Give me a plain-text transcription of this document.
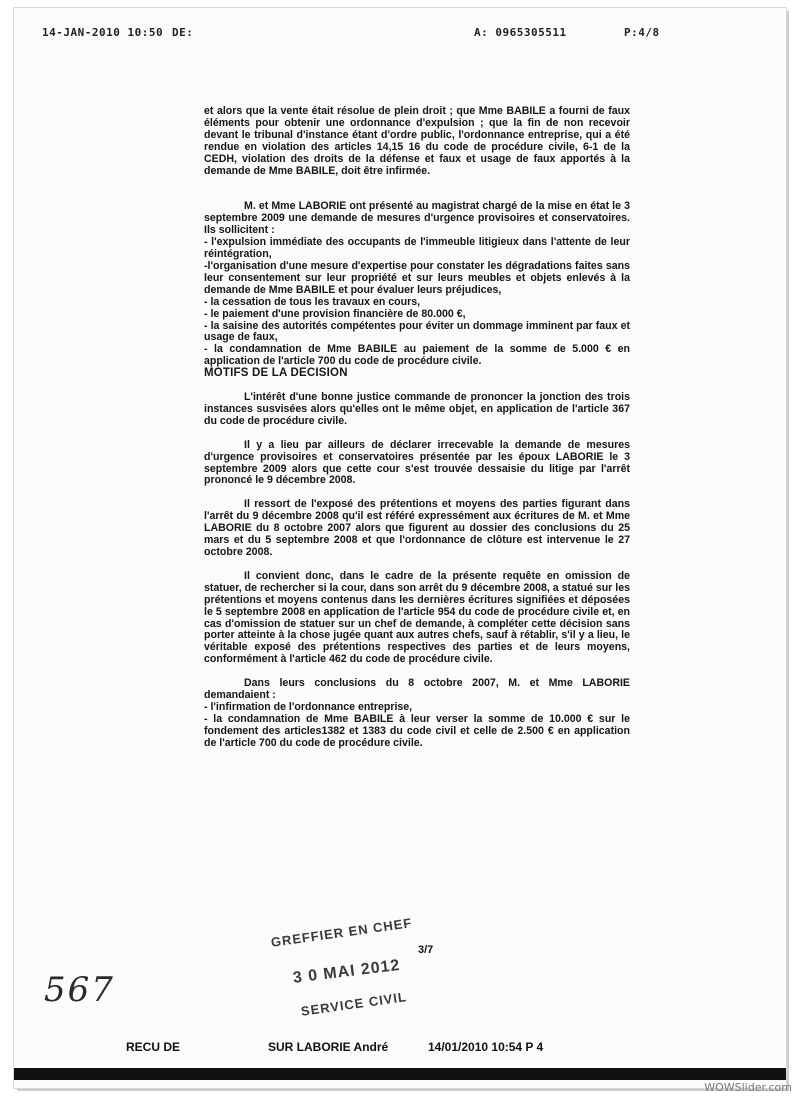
14-JAN-2010 10:50 DE:	A: 0965305511	P:4/8

et alors que la vente était résolue de plein droit ; que Mme BABILE a fourni de faux éléments pour obtenir une ordonnance d'expulsion ; que la fin de non recevoir devant le tribunal d'instance étant d'ordre public, l'ordonnance entreprise, qui a été rendue en violation des articles 14,15 16 du code de procédure civile, 6-1 de la CEDH, violation des droits de la défense et faux et usage de faux apportés à la demande de Mme BABILE, doit être infirmée.

M. et Mme LABORIE ont présenté au magistrat chargé de la mise en état le 3 septembre 2009 une demande de mesures d'urgence provisoires et conservatoires. Ils sollicitent :

- l'expulsion immédiate des occupants de l'immeuble litigieux dans l'attente de leur réintégration,

-l'organisation d'une mesure d'expertise pour constater les dégradations faites sans leur consentement sur leur propriété et sur leurs meubles et objets enlevés à la demande de Mme BABILE et pour évaluer leurs préjudices,

- la cessation de tous les travaux en cours,

- le paiement d'une provision financière de 80.000 €,

- la saisine des autorités compétentes pour éviter un dommage imminent par faux et usage de faux,

- la condamnation de Mme BABILE au paiement de la somme de 5.000 € en application de l'article 700 du code de procédure civile.

MOTIFS DE LA DECISION

L'intérêt d'une bonne justice commande de prononcer la jonction des trois instances susvisées alors qu'elles ont le même objet, en application de l'article 367 du code de procédure civile.

Il y a lieu par ailleurs de déclarer irrecevable la demande de mesures d'urgence provisoires et conservatoires présentée par les époux LABORIE le 3 septembre 2009 alors que cette cour s'est trouvée dessaisie du litige par l'arrêt prononcé le 9 décembre 2008.

Il ressort de l'exposé des prétentions et moyens des parties figurant dans l'arrêt du 9 décembre 2008 qu'il est référé expressément aux écritures de M. et Mme LABORIE du 8 octobre 2007 alors que figurent au dossier des conclusions du 25 mars et du 5 septembre 2008 et que l'ordonnance de clôture est intervenue le 27 octobre 2008.

Il convient donc, dans le cadre de la présente requête en omission de statuer, de rechercher si la cour, dans son arrêt du 9 décembre 2008, a statué sur les prétentions et moyens contenus dans les dernières écritures signifiées et déposées le 5 septembre 2008 en application de l'article 954 du code de procédure civile et, en cas d'omission de statuer sur un chef de demande, à compléter cette décision sans porter atteinte à la chose jugée quant aux autres chefs, sauf à rétablir, s'il y a lieu, le véritable exposé des prétentions respectives des parties et de leurs moyens, conformément à l'article 462 du code de procédure civile.

Dans leurs conclusions du 8 octobre 2007, M. et Mme LABORIE demandaient :

- l'infirmation de l'ordonnance entreprise,

- la condamnation de Mme BABILE à leur verser la somme de 10.000 € sur le fondement des articles1382 et 1383 du code civil et celle de 2.500 € en application de l'article 700 du code de procédure civile.

3/7
GREFFIER EN CHEF
3 0 MAI 2012
SERVICE CIVIL
567
RECU DE	SUR LABORIE André	14/01/2010 10:54 P 4
WOWSlider.com
